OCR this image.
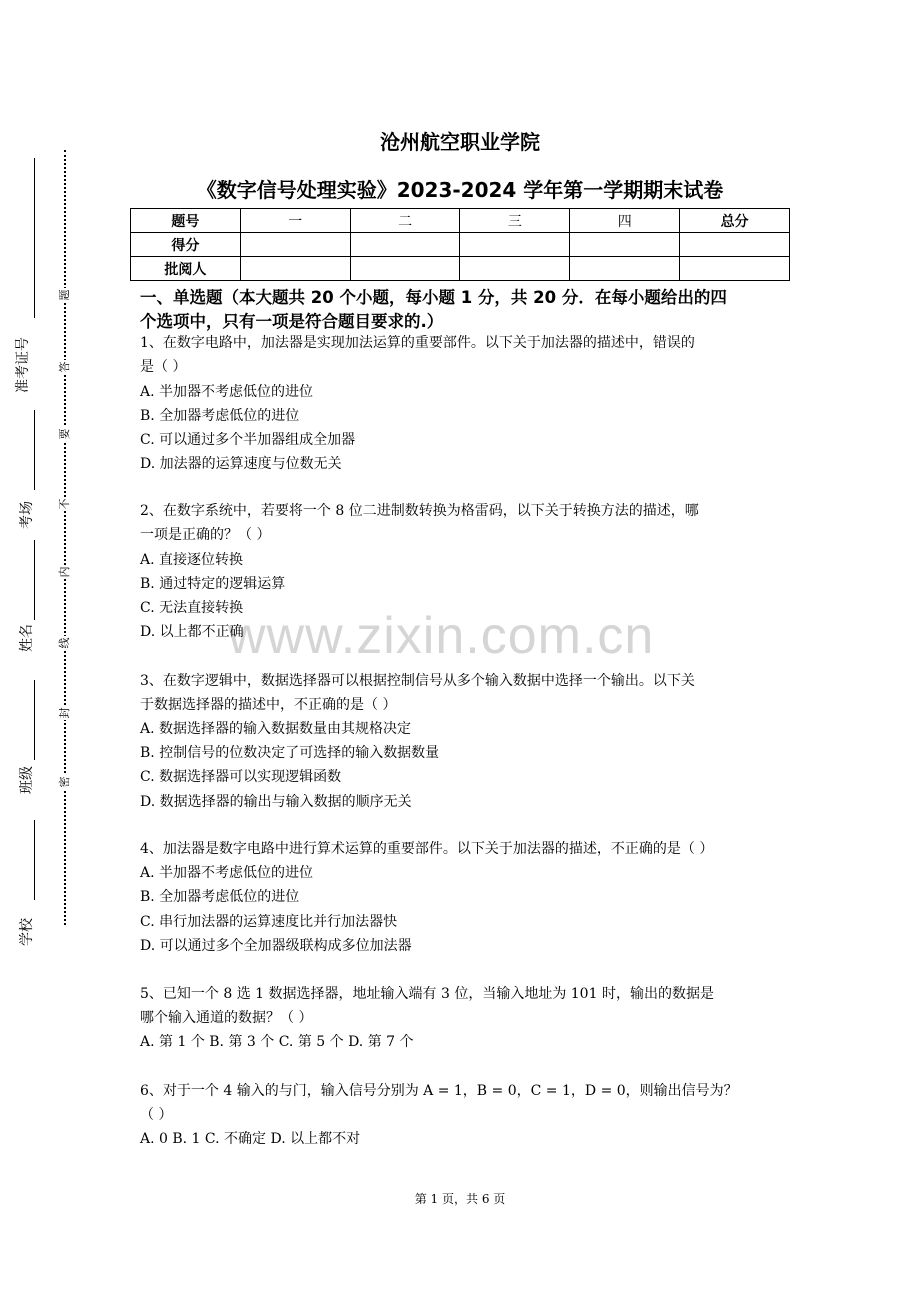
沧州航空职业学院
《数字信号处理实验》2023-2024 学年第一学期期末试卷
准考证号
考场
姓名
班级
学校
题
答
要
不
内
线
封
密
题号	一	二	三	四	总分
得分					
批阅人					
一、单选题（本大题共 20 个小题，每小题 1 分，共 20 分．在每小题给出的四
个选项中，只有一项是符合题目要求的.）
www.zixin.com.cn
1、在数字电路中，加法器是实现加法运算的重要部件。以下关于加法器的描述中，错误的
是（ ）
A. 半加器不考虑低位的进位
B. 全加器考虑低位的进位
C. 可以通过多个半加器组成全加器
D. 加法器的运算速度与位数无关
2、在数字系统中，若要将一个 8 位二进制数转换为格雷码，以下关于转换方法的描述，哪
一项是正确的？（ ）
A. 直接逐位转换
B. 通过特定的逻辑运算
C. 无法直接转换
D. 以上都不正确
3、在数字逻辑中，数据选择器可以根据控制信号从多个输入数据中选择一个输出。以下关
于数据选择器的描述中，不正确的是（ ）
A. 数据选择器的输入数据数量由其规格决定
B. 控制信号的位数决定了可选择的输入数据数量
C. 数据选择器可以实现逻辑函数
D. 数据选择器的输出与输入数据的顺序无关
4、加法器是数字电路中进行算术运算的重要部件。以下关于加法器的描述，不正确的是（ ）
A. 半加器不考虑低位的进位
B. 全加器考虑低位的进位
C. 串行加法器的运算速度比并行加法器快
D. 可以通过多个全加器级联构成多位加法器
5、已知一个 8 选 1 数据选择器，地址输入端有 3 位，当输入地址为 101 时，输出的数据是
哪个输入通道的数据？（ ）
A. 第 1 个 B. 第 3 个 C. 第 5 个 D. 第 7 个
6、对于一个 4 输入的与门，输入信号分别为 A = 1，B = 0，C = 1，D = 0，则输出信号为？
（ ）
A. 0 B. 1 C. 不确定 D. 以上都不对
第 1 页，共 6 页
